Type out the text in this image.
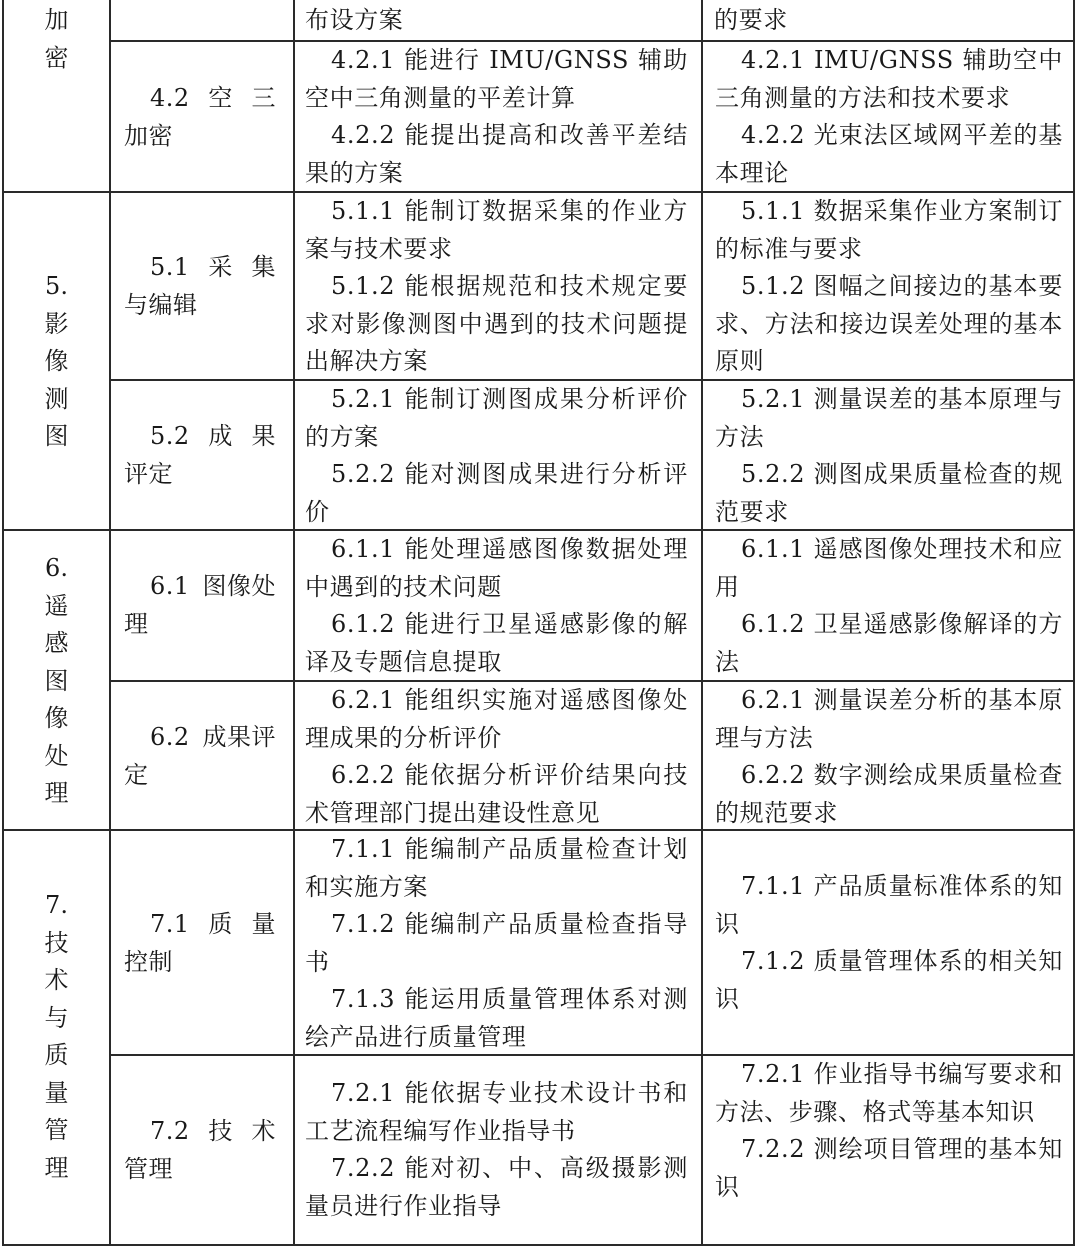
布设方案	的要求
加
密
4.2 空 三
加密
4.2.1 能进行 IMU/GNSS 辅助空中三角测量的平差计算
4.2.2 能提出提高和改善平差结果的方案
4.2.1 IMU/GNSS 辅助空中三角测量的方法和技术要求
4.2.2 光束法区域网平差的基本理论
5.
影
像
测
图
5.1 采 集
与编辑
5.1.1 能制订数据采集的作业方案与技术要求
5.1.2 能根据规范和技术规定要求对影像测图中遇到的技术问题提出解决方案
5.1.1 数据采集作业方案制订的标准与要求
5.1.2 图幅之间接边的基本要求、方法和接边误差处理的基本原则
5.2 成 果
评定
5.2.1 能制订测图成果分析评价的方案
5.2.2 能对测图成果进行分析评价
5.2.1 测量误差的基本原理与方法
5.2.2 测图成果质量检查的规范要求
6.
遥
感
图
像
处
理
6.1 图像处
理
6.1.1 能处理遥感图像数据处理中遇到的技术问题
6.1.2 能进行卫星遥感影像的解译及专题信息提取
6.1.1 遥感图像处理技术和应用
6.1.2 卫星遥感影像解译的方法
6.2 成果评
定
6.2.1 能组织实施对遥感图像处理成果的分析评价
6.2.2 能依据分析评价结果向技术管理部门提出建设性意见
6.2.1 测量误差分析的基本原理与方法
6.2.2 数字测绘成果质量检查的规范要求
7.
技
术
与
质
量
管
理
7.1 质 量
控制
7.1.1 能编制产品质量检查计划和实施方案
7.1.2 能编制产品质量检查指导书
7.1.3 能运用质量管理体系对测绘产品进行质量管理
7.1.1 产品质量标准体系的知识
7.1.2 质量管理体系的相关知识
7.2 技 术
管理
7.2.1 能依据专业技术设计书和工艺流程编写作业指导书
7.2.2 能对初、中、高级摄影测量员进行作业指导
7.2.1 作业指导书编写要求和方法、步骤、格式等基本知识
7.2.2 测绘项目管理的基本知识
